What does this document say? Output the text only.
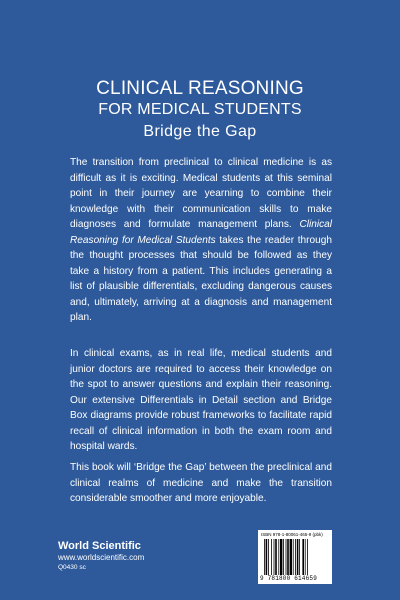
CLINICAL REASONING
FOR MEDICAL STUDENTS
Bridge the Gap
The transition from preclinical to clinical medicine is as difficult as it is exciting. Medical students at this seminal point in their journey are yearning to combine their knowledge with their communication skills to make diagnoses and formulate management plans. Clinical Reasoning for Medical Students takes the reader through the thought processes that should be followed as they take a history from a patient. This includes generating a list of plausible differentials, excluding dangerous causes and, ultimately, arriving at a diagnosis and management plan.
In clinical exams, as in real life, medical students and junior doctors are required to access their knowledge on the spot to answer questions and explain their reasoning. Our extensive Differentials in Detail section and Bridge Box diagrams provide robust frameworks to facilitate rapid recall of clinical information in both the exam room and hospital wards.
This book will ‘Bridge the Gap’ between the preclinical and clinical realms of medicine and make the transition considerable smoother and more enjoyable.
World Scientific
www.worldscientific.com
Q0430 sc
ISBN 978-1-80061-465-9 (pbk)
9 781800 614659
